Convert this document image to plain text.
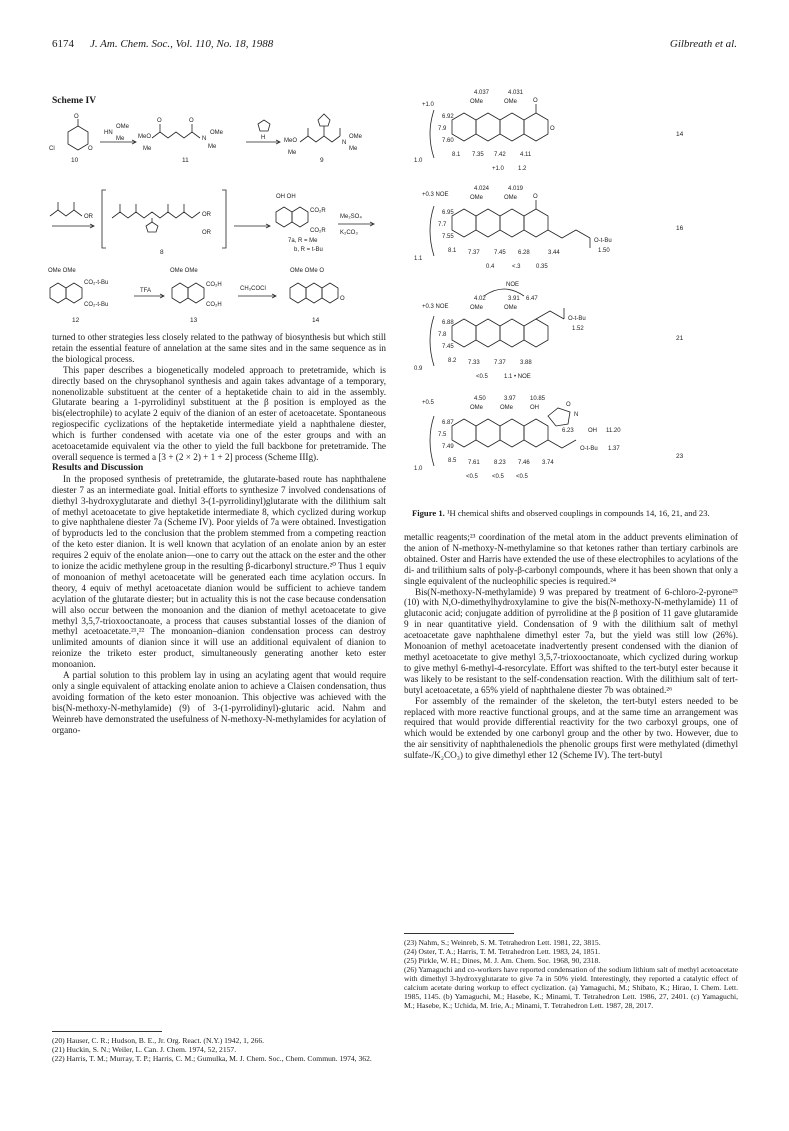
6174 J. Am. Chem. Soc., Vol. 110, No. 18, 1988	Gilbreath et al.
Scheme IV
O
Cl	O
10
HN
OMe
Me MeO
Me
O	O
N
OMe
Me
11
H	MeO
Me
N
OMe
Me
9
OR	OR
OR
8
OH OH
CO₂R
CO₂R
7a, R = Me
b, R = t-Bu
Me₂SO₄
K₂CO₃
OMe OMe
CO₂-t-Bu
CO₂-t-Bu
12
TFA
OMe OMe
CO₂H
CO₂H
13
CH₃COCl
OMe OMe O
O
14
4.037	4.031
OMe	OMe
+1.0
O
O
6.92
7.9
7.60
8.1 7.35 7.42 4.11
1.0
+1.0 1.2
14
4.024	4.019
OMe	OMe
+0.3 NOE	O
O-t-Bu
6.95
7.7
7.55
8.1 7.37 7.45 6.28	3.44	1.50
0.4	<.3	0.35
1.1
16
NOE
4.02	3.91 6.47
OMe	OMe
+0.3 NOE
O-t-Bu
1.52
6.88
7.8
7.45
8.2 7.33 7.37 3.88
<0.5	1.1 • NOE
0.9
21
4.50	3.97 10.85
OMe	OMe	OH
+0.5	O
N
6.23 OH 11.20
O-t-Bu 1.37
6.87
7.5
7.49
8.5 7.61 8.23 7.46 3.74
<0.5 <0.5 <0.5
1.0
23
Figure 1. ¹H chemical shifts and observed couplings in compounds 14, 16, 21, and 23.

turned to other strategies less closely related to the pathway of biosynthesis but which still retain the essential feature of annelation at the same sites and in the same sequence as in the biological process.

This paper describes a biogenetically modeled approach to pretetramide, which is directly based on the chrysophanol synthesis and again takes advantage of a temporary, nonenolizable substituent at the center of a heptaketide chain to aid in the assembly. Glutarate bearing a 1-pyrrolidinyl substituent at the β position is employed as the bis(electrophile) to acylate 2 equiv of the dianion of an ester of acetoacetate. Spontaneous regiospecific cyclizations of the heptaketide intermediate yield a naphthalene diester, which is further condensed with acetate via one of the ester groups and with an acetoacetamide equivalent via the other to yield the full backbone for pretetramide. The overall sequence is termed a [3 + (2 × 2) + 1 + 2] process (Scheme IIIg).

Results and Discussion

In the proposed synthesis of pretetramide, the glutarate-based route has naphthalene diester 7 as an intermediate goal. Initial efforts to synthesize 7 involved condensations of diethyl 3-hydroxyglutarate and diethyl 3-(1-pyrrolidinyl)glutarate with the dilithium salt of methyl acetoacetate to give heptaketide intermediate 8, which cyclized during workup to give naphthalene diester 7a (Scheme IV). Poor yields of 7a were obtained. Investigation of byproducts led to the conclusion that the problem stemmed from a competing reaction of the keto ester dianion. It is well known that acylation of an enolate anion by an ester requires 2 equiv of the enolate anion—one to carry out the attack on the ester and the other to ionize the acidic methylene group in the resulting β-dicarbonyl structure.²⁰ Thus 1 equiv of monoanion of methyl acetoacetate will be generated each time acylation occurs. In theory, 4 equiv of methyl acetoacetate dianion would be sufficient to achieve tandem acylation of the glutarate diester; but in actuality this is not the case because condensation will also occur between the monoanion and the dianion of methyl acetoacetate to give methyl 3,5,7-trioxooctanoate, a process that causes substantial losses of the dianion of methyl acetoacetate.²¹,²² The monoanion–dianion condensation process can destroy unlimited amounts of dianion since it will use an additional equivalent of dianion to reionize the triketo ester product, simultaneously generating another keto ester monoanion.

A partial solution to this problem lay in using an acylating agent that would require only a single equivalent of attacking enolate anion to achieve a Claisen condensation, thus avoiding formation of the keto ester monoanion. This objective was achieved with the bis(N-methoxy-N-methylamide) (9) of 3-(1-pyrrolidinyl)-glutaric acid. Nahm and Weinreb have demonstrated the usefulness of N-methoxy-N-methylamides for acylation of organo-

(20) Hauser, C. R.; Hudson, B. E., Jr. Org. React. (N.Y.) 1942, 1, 266.
(21) Huckin, S. N.; Weiler, L. Can. J. Chem. 1974, 52, 2157.
(22) Harris, T. M.; Murray, T. P.; Harris, C. M.; Gumulka, M. J. Chem. Soc., Chem. Commun. 1974, 362.

metallic reagents;²³ coordination of the metal atom in the adduct prevents elimination of the anion of N-methoxy-N-methylamine so that ketones rather than tertiary carbinols are obtained. Oster and Harris have extended the use of these electrophiles to acylations of the di- and trilithium salts of poly-β-carbonyl compounds, where it has been shown that only a single equivalent of the nucleophilic species is required.²⁴

Bis(N-methoxy-N-methylamide) 9 was prepared by treatment of 6-chloro-2-pyrone²⁵ (10) with N,O-dimethylhydroxylamine to give the bis(N-methoxy-N-methylamide) 11 of glutaconic acid; conjugate addition of pyrrolidine at the β position of 11 gave glutaramide 9 in near quantitative yield. Condensation of 9 with the dilithium salt of methyl acetoacetate gave naphthalene dimethyl ester 7a, but the yield was still low (26%). Monoanion of methyl acetoacetate inadvertently present condensed with the dianion of methyl acetoacetate to give methyl 3,5,7-trioxooctanoate, which cyclized during workup to give methyl 6-methyl-4-resorcylate. Effort was shifted to the tert-butyl ester because it was likely to be resistant to the self-condensation reaction. With the dilithium salt of tert-butyl acetoacetate, a 65% yield of naphthalene diester 7b was obtained.²⁶

For assembly of the remainder of the skeleton, the tert-butyl esters needed to be replaced with more reactive functional groups, and at the same time an arrangement was required that would provide differential reactivity for the two carboxyl groups, one of which would be extended by one carbonyl group and the other by two. However, due to the air sensitivity of naphthalenediols the phenolic groups first were methylated (dimethyl sulfate-/K₂CO₃) to give dimethyl ether 12 (Scheme IV). The tert-butyl

(23) Nahm, S.; Weinreb, S. M. Tetrahedron Lett. 1981, 22, 3815.
(24) Oster, T. A.; Harris, T. M. Tetrahedron Lett. 1983, 24, 1851.
(25) Pirkle, W. H.; Dines, M. J. Am. Chem. Soc. 1968, 90, 2318.
(26) Yamaguchi and co-workers have reported condensation of the sodium lithium salt of methyl acetoacetate with dimethyl 3-hydroxyglutarate to give 7a in 50% yield. Interestingly, they reported a catalytic effect of calcium acetate during workup to effect cyclization. (a) Yamaguchi, M.; Shibato, K.; Hirao, I. Chem. Lett. 1985, 1145. (b) Yamaguchi, M.; Hasebe, K.; Minami, T. Tetrahedron Lett. 1986, 27, 2401. (c) Yamaguchi, M.; Hasebe, K.; Uchida, M. Irie, A.; Minami, T. Tetrahedron Lett. 1987, 28, 2017.
